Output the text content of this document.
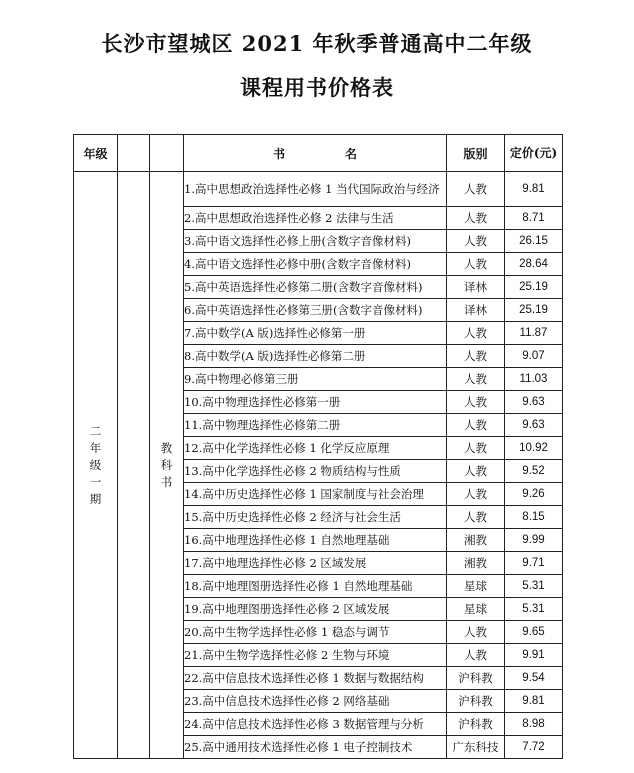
长沙市望城区 2021 年秋季普通高中二年级
课程用书价格表
年级			书名	版别	定价(元)
二年级一期		教科书	1.高中思想政治选择性必修 1 当代国际政治与经济	人教	9.81
			2.高中思想政治选择性必修 2 法律与生活	人教	8.71
			3.高中语文选择性必修上册(含数字音像材料)	人教	26.15
			4.高中语文选择性必修中册(含数字音像材料)	人教	28.64
			5.高中英语选择性必修第二册(含数字音像材料)	译林	25.19
			6.高中英语选择性必修第三册(含数字音像材料)	译林	25.19
			7.高中数学(A 版)选择性必修第一册	人教	11.87
			8.高中数学(A 版)选择性必修第二册	人教	9.07
			9.高中物理必修第三册	人教	11.03
			10.高中物理选择性必修第一册	人教	9.63
			11.高中物理选择性必修第二册	人教	9.63
			12.高中化学选择性必修 1 化学反应原理	人教	10.92
			13.高中化学选择性必修 2 物质结构与性质	人教	9.52
			14.高中历史选择性必修 1 国家制度与社会治理	人教	9.26
			15.高中历史选择性必修 2 经济与社会生活	人教	8.15
			16.高中地理选择性必修 1 自然地理基础	湘教	9.99
			17.高中地理选择性必修 2 区域发展	湘教	9.71
			18.高中地理图册选择性必修 1 自然地理基础	星球	5.31
			19.高中地理图册选择性必修 2 区域发展	星球	5.31
			20.高中生物学选择性必修 1 稳态与调节	人教	9.65
			21.高中生物学选择性必修 2 生物与环境	人教	9.91
			22.高中信息技术选择性必修 1 数据与数据结构	沪科教	9.54
			23.高中信息技术选择性必修 2 网络基础	沪科教	9.81
			24.高中信息技术选择性必修 3 数据管理与分析	沪科教	8.98
			25.高中通用技术选择性必修 1 电子控制技术	广东科技	7.72
